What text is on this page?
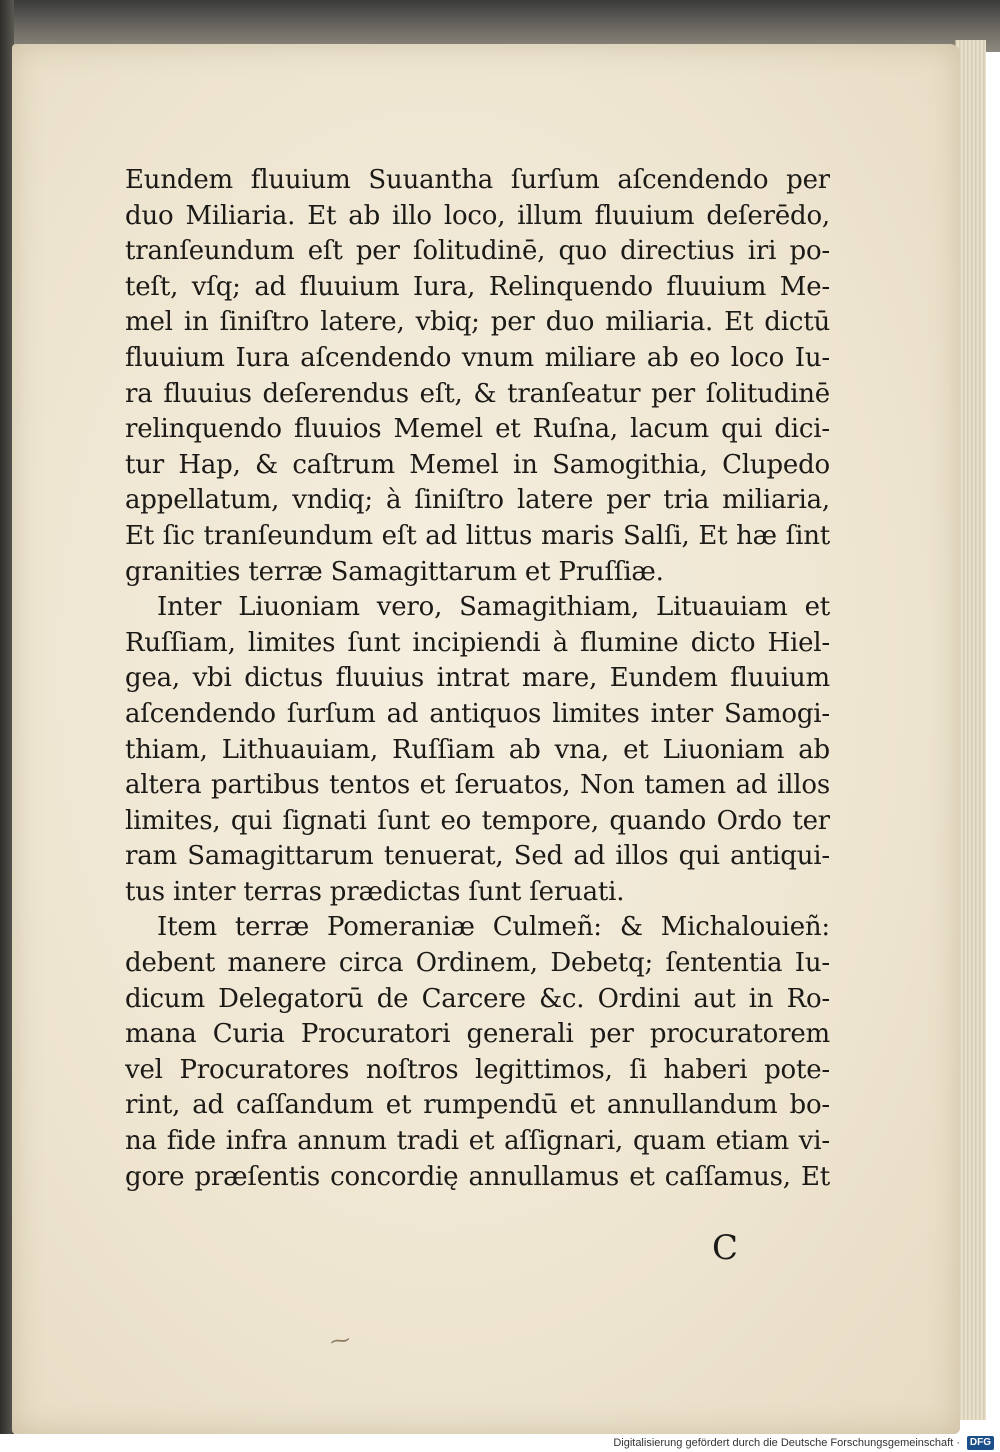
Eundem fluuium Suuantha ſurſum aſcendendo per
duo Miliaria. Et ab illo loco, illum fluuium deſerēdo,
tranſeundum eſt per ſolitudinē, quo directius iri po-
teſt, vſq; ad fluuium Iura, Relinquendo fluuium Me-
mel in ſiniſtro latere, vbiq; per duo miliaria. Et dictū
fluuium Iura aſcendendo vnum miliare ab eo loco Iu-
ra fluuius deſerendus eſt, & tranſeatur per ſolitudinē
relinquendo fluuios Memel et Ruſna, lacum qui dici-
tur Hap, & caſtrum Memel in Samogithia, Clupedo
appellatum, vndiq; à ſiniſtro latere per tria miliaria,
Et ſic tranſeundum eſt ad littus maris Salſi, Et hæ ſint
granities terræ Samagittarum et Pruſſiæ.
Inter Liuoniam vero, Samagithiam, Lituauiam et
Ruſſiam, limites ſunt incipiendi à flumine dicto Hiel-
gea, vbi dictus fluuius intrat mare, Eundem fluuium
aſcendendo ſurſum ad antiquos limites inter Samogi-
thiam, Lithuauiam, Ruſſiam ab vna, et Liuoniam ab
altera partibus tentos et ſeruatos, Non tamen ad illos
limites, qui ſignati ſunt eo tempore, quando Ordo ter
ram Samagittarum tenuerat, Sed ad illos qui antiqui-
tus inter terras prædictas ſunt ſeruati.
Item terræ Pomeraniæ Culmeñ: & Michalouieñ:
debent manere circa Ordinem, Debetq; ſententia Iu-
dicum Delegatorū de Carcere &c. Ordini aut in Ro-
mana Curia Procuratori generali per procuratorem
vel Procuratores noſtros legittimos, ſi haberi pote-
rint, ad caſſandum et rumpendū et annullandum bo-
na fide infra annum tradi et aſſignari, quam etiam vi-
gore præſentis concordię annullamus et caſſamus, Et
C
⁓
Digitalisierung gefördert durch die Deutsche Forschungsgemeinschaft · DFG
